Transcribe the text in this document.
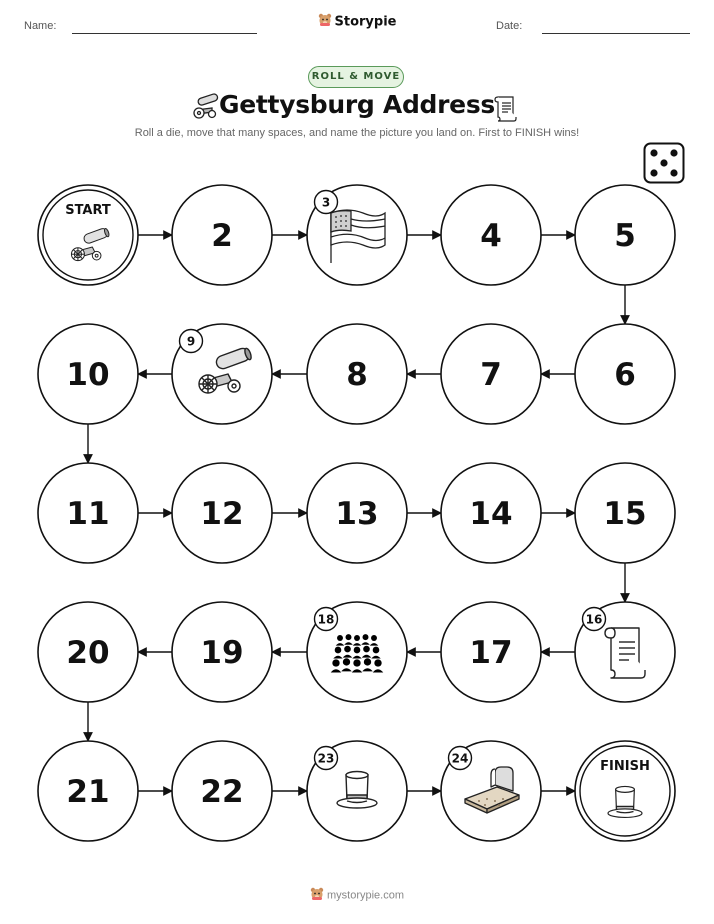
Name:	Storypie	Date:
ROLL & MOVE
Gettysburg Address
Roll a die, move that many spaces, and name the picture you land on. First to FINISH wins!
START
2
3
4	5
6
7
8
9
10
11	12	13	14	15
16
17
18
19
20
21	22
23	24
FINISH
mystorypie.com
